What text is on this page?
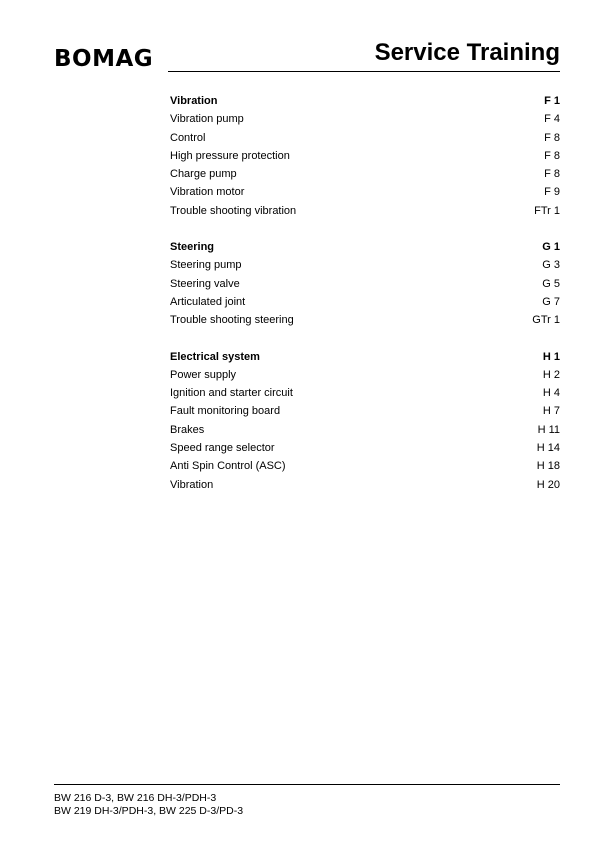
BOMAG	Service Training
Vibration	F 1
Vibration pump	F 4
Control	F 8
High pressure protection	F 8
Charge pump	F 8
Vibration motor	F 9
Trouble shooting vibration	FTr 1
Steering	G 1
Steering pump	G 3
Steering valve	G 5
Articulated joint	G 7
Trouble shooting steering	GTr 1
Electrical system	H 1
Power supply	H 2
Ignition and starter circuit	H 4
Fault monitoring board	H 7
Brakes	H 11
Speed range selector	H 14
Anti Spin Control (ASC)	H 18
Vibration	H 20
BW 216 D-3, BW 216 DH-3/PDH-3
BW 219 DH-3/PDH-3, BW 225 D-3/PD-3
